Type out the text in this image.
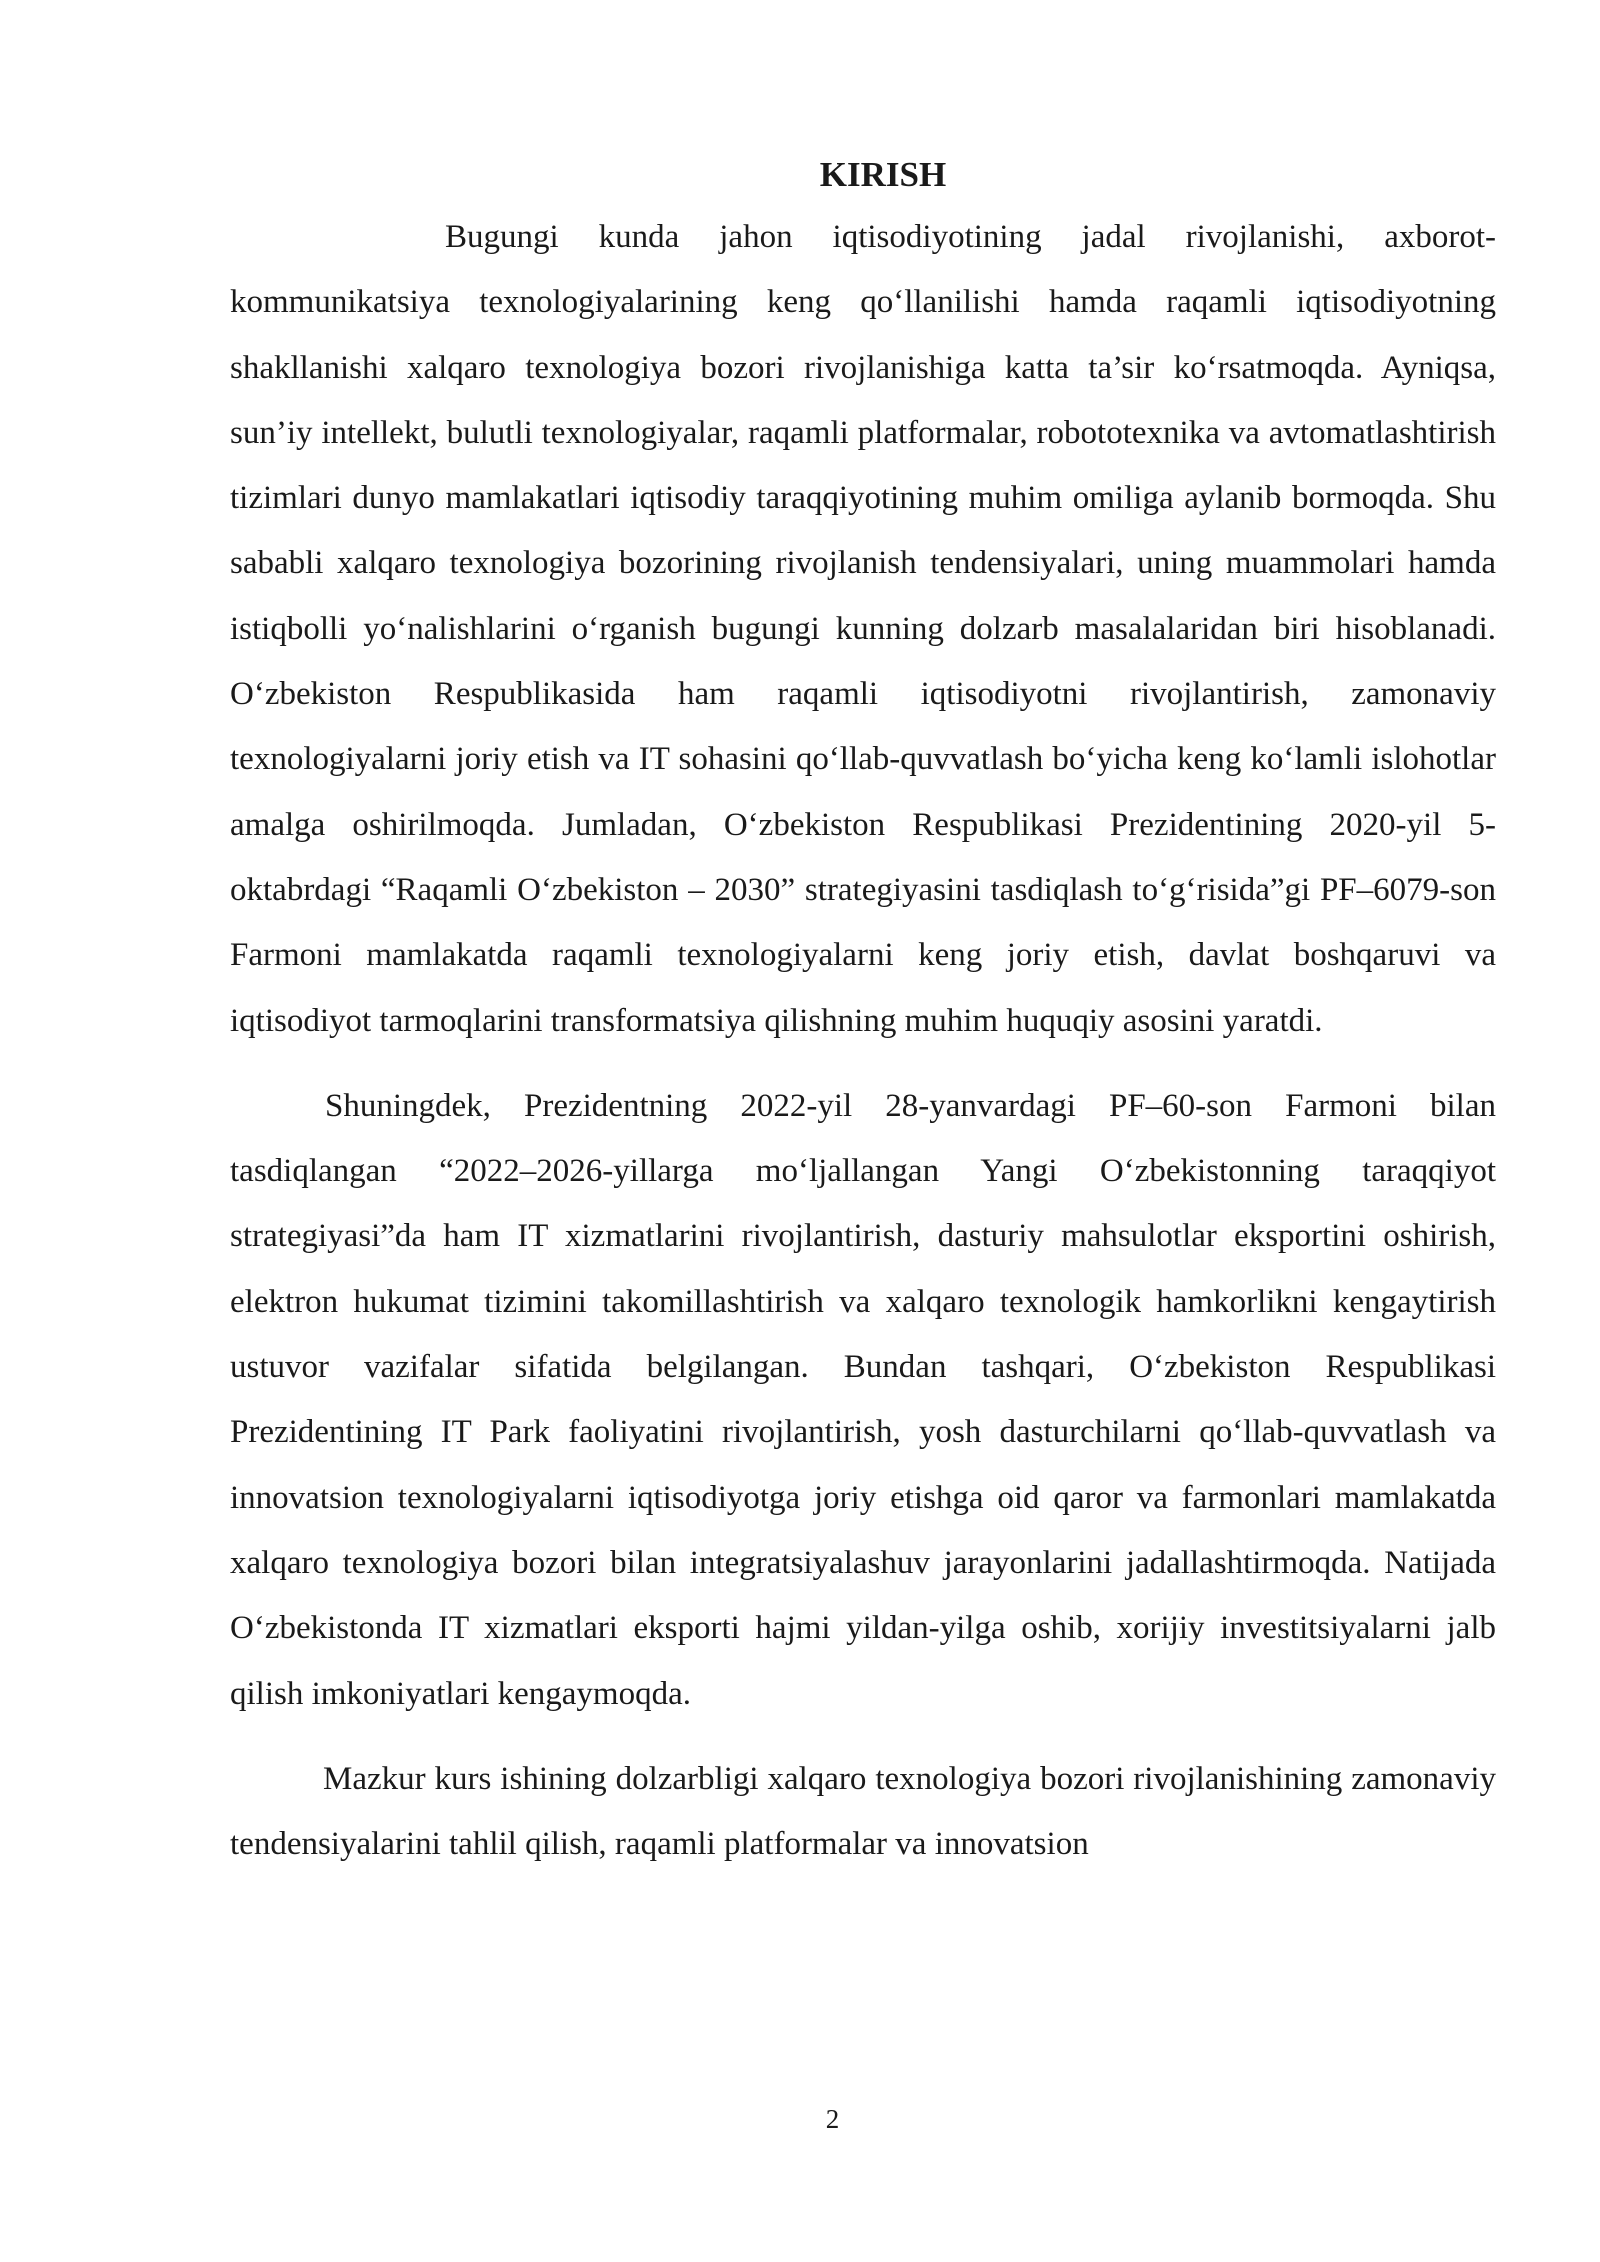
KIRISH

Bugungi kunda jahon iqtisodiyotining jadal rivojlanishi, axborot-kommunikatsiya texnologiyalarining keng qo‘llanilishi hamda raqamli iqtisodiyotning shakllanishi xalqaro texnologiya bozori rivojlanishiga katta ta’sir ko‘rsatmoqda. Ayniqsa, sun’iy intellekt, bulutli texnologiyalar, raqamli platformalar, robototexnika va avtomatlashtirish tizimlari dunyo mamlakatlari iqtisodiy taraqqiyotining muhim omiliga aylanib bormoqda. Shu sababli xalqaro texnologiya bozorining rivojlanish tendensiyalari, uning muammolari hamda istiqbolli yo‘nalishlarini o‘rganish bugungi kunning dolzarb masalalaridan biri hisoblanadi. O‘zbekiston Respublikasida ham raqamli iqtisodiyotni rivojlantirish, zamonaviy texnologiyalarni joriy etish va IT sohasini qo‘llab-quvvatlash bo‘yicha keng ko‘lamli islohotlar amalga oshirilmoqda. Jumladan, O‘zbekiston Respublikasi Prezidentining 2020-yil 5-oktabrdagi “Raqamli O‘zbekiston – 2030” strategiyasini tasdiqlash to‘g‘risida”gi PF–6079-son Farmoni mamlakatda raqamli texnologiyalarni keng joriy etish, davlat boshqaruvi va iqtisodiyot tarmoqlarini transformatsiya qilishning muhim huquqiy asosini yaratdi.

Shuningdek, Prezidentning 2022-yil 28-yanvardagi PF–60-son Farmoni bilan tasdiqlangan “2022–2026-yillarga mo‘ljallangan Yangi O‘zbekistonning taraqqiyot strategiyasi”da ham IT xizmatlarini rivojlantirish, dasturiy mahsulotlar eksportini oshirish, elektron hukumat tizimini takomillashtirish va xalqaro texnologik hamkorlikni kengaytirish ustuvor vazifalar sifatida belgilangan. Bundan tashqari, O‘zbekiston Respublikasi Prezidentining IT Park faoliyatini rivojlantirish, yosh dasturchilarni qo‘llab-quvvatlash va innovatsion texnologiyalarni iqtisodiyotga joriy etishga oid qaror va farmonlari mamlakatda xalqaro texnologiya bozori bilan integratsiyalashuv jarayonlarini jadallashtirmoqda. Natijada O‘zbekistonda IT xizmatlari eksporti hajmi yildan-yilga oshib, xorijiy investitsiyalarni jalb qilish imkoniyatlari kengaymoqda.

Mazkur kurs ishining dolzarbligi xalqaro texnologiya bozori rivojlanishining zamonaviy tendensiyalarini tahlil qilish, raqamli platformalar va innovatsion

2
